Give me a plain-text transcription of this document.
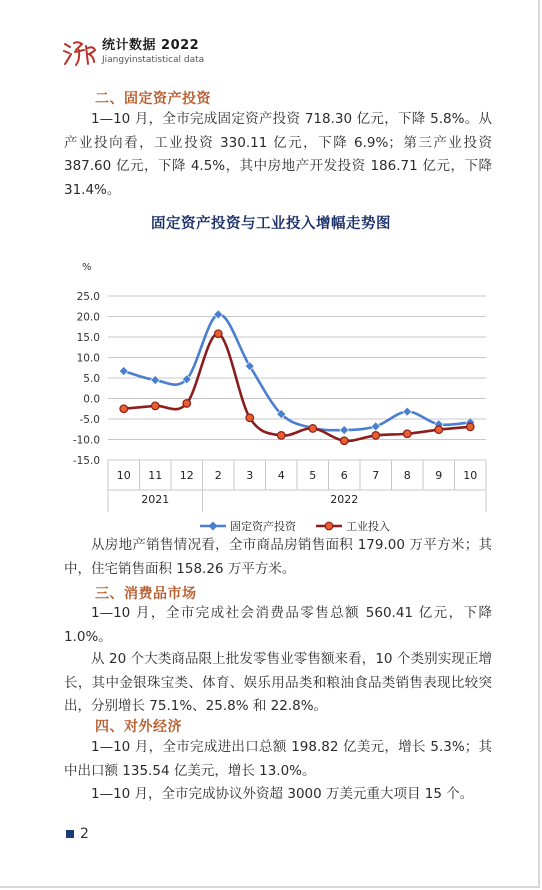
统计数据 2022
Jiangyinstatistical data
二、固定资产投资
1—10 月，全市完成固定资产投资 718.30 亿元，下降 5.8%。从产业投向看，工业投资 330.11 亿元，下降 6.9%；第三产业投资 387.60 亿元，下降 4.5%，其中房地产开发投资 186.71 亿元，下降 31.4%。
固定资产投资与工业投入增幅走势图
%
25.0
20.0
15.0
10.0
5.0
0.0
-5.0
-10.0
-15.0
2021	2022
10 11 12 2 3 4 5 6 7 8 9 10
固定资产投资	工业投入
从房地产销售情况看，全市商品房销售面积 179.00 万平方米；其中，住宅销售面积 158.26 万平方米。
三、消费品市场
1—10 月，全市完成社会消费品零售总额 560.41 亿元，下降 1.0%。
从 20 个大类商品限上批发零售业零售额来看，10 个类别实现正增长，其中金银珠宝类、体育、娱乐用品类和粮油食品类销售表现比较突出，分别增长 75.1%、25.8% 和 22.8%。
四、对外经济
1—10 月，全市完成进出口总额 198.82 亿美元，增长 5.3%；其中出口额 135.54 亿美元，增长 13.0%。
1—10 月，全市完成协议外资超 3000 万美元重大项目 15 个。
2
